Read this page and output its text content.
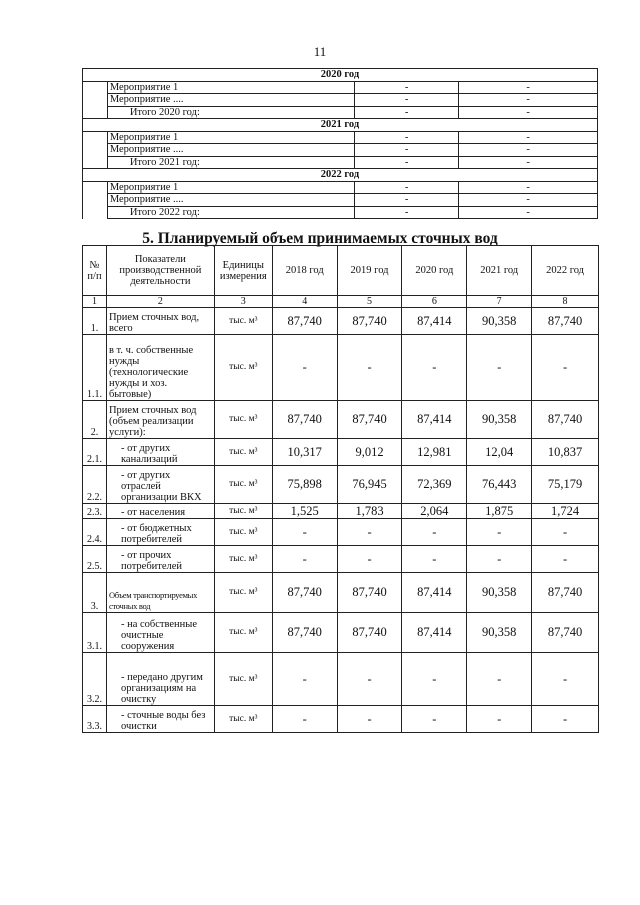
11
2020 год			
	Мероприятие 1	-	-
	Мероприятие ....	-	-
	Итого 2020 год:	-	-
2021 год			
	Мероприятие 1	-	-
	Мероприятие ....	-	-
	Итого 2021 год:	-	-
2022 год			
	Мероприятие 1	-	-
	Мероприятие ....	-	-
	Итого 2022 год:	-	-
5. Планируемый объем принимаемых сточных вод
№ п/п	Показатели производственной деятельности	Единицы измерения	2018 год	2019 год	2020 год	2021 год	2022 год
1	2	3	4	5	6	7	8
1.	Прием сточных вод, всего	тыс. м³	87,740	87,740	87,414	90,358	87,740
1.1.	в т. ч. собственные нужды (технологические нужды и хоз. бытовые)	тыс. м³	-	-	-	-	-
2.	Прием сточных вод (объем реализации услуги):	тыс. м³	87,740	87,740	87,414	90,358	87,740
2.1.	- от других канализаций	тыс. м³	10,317	9,012	12,981	12,04	10,837
2.2.	- от других отраслей организации ВКХ	тыс. м³	75,898	76,945	72,369	76,443	75,179
2.3.	- от населения	тыс. м³	1,525	1,783	2,064	1,875	1,724
2.4.	- от бюджетных потребителей	тыс. м³	-	-	-	-	-
2.5.	- от прочих потребителей	тыс. м³	-	-	-	-	-
3.	Объем транспортируемых сточных вод	тыс. м³	87,740	87,740	87,414	90,358	87,740
3.1.	- на собственные очистные сооружения	тыс. м³	87,740	87,740	87,414	90,358	87,740
3.2.	- передано другим организациям на очистку	тыс. м³	-	-	-	-	-
3.3.	- сточные воды без очистки	тыс. м³	-	-	-	-	-
